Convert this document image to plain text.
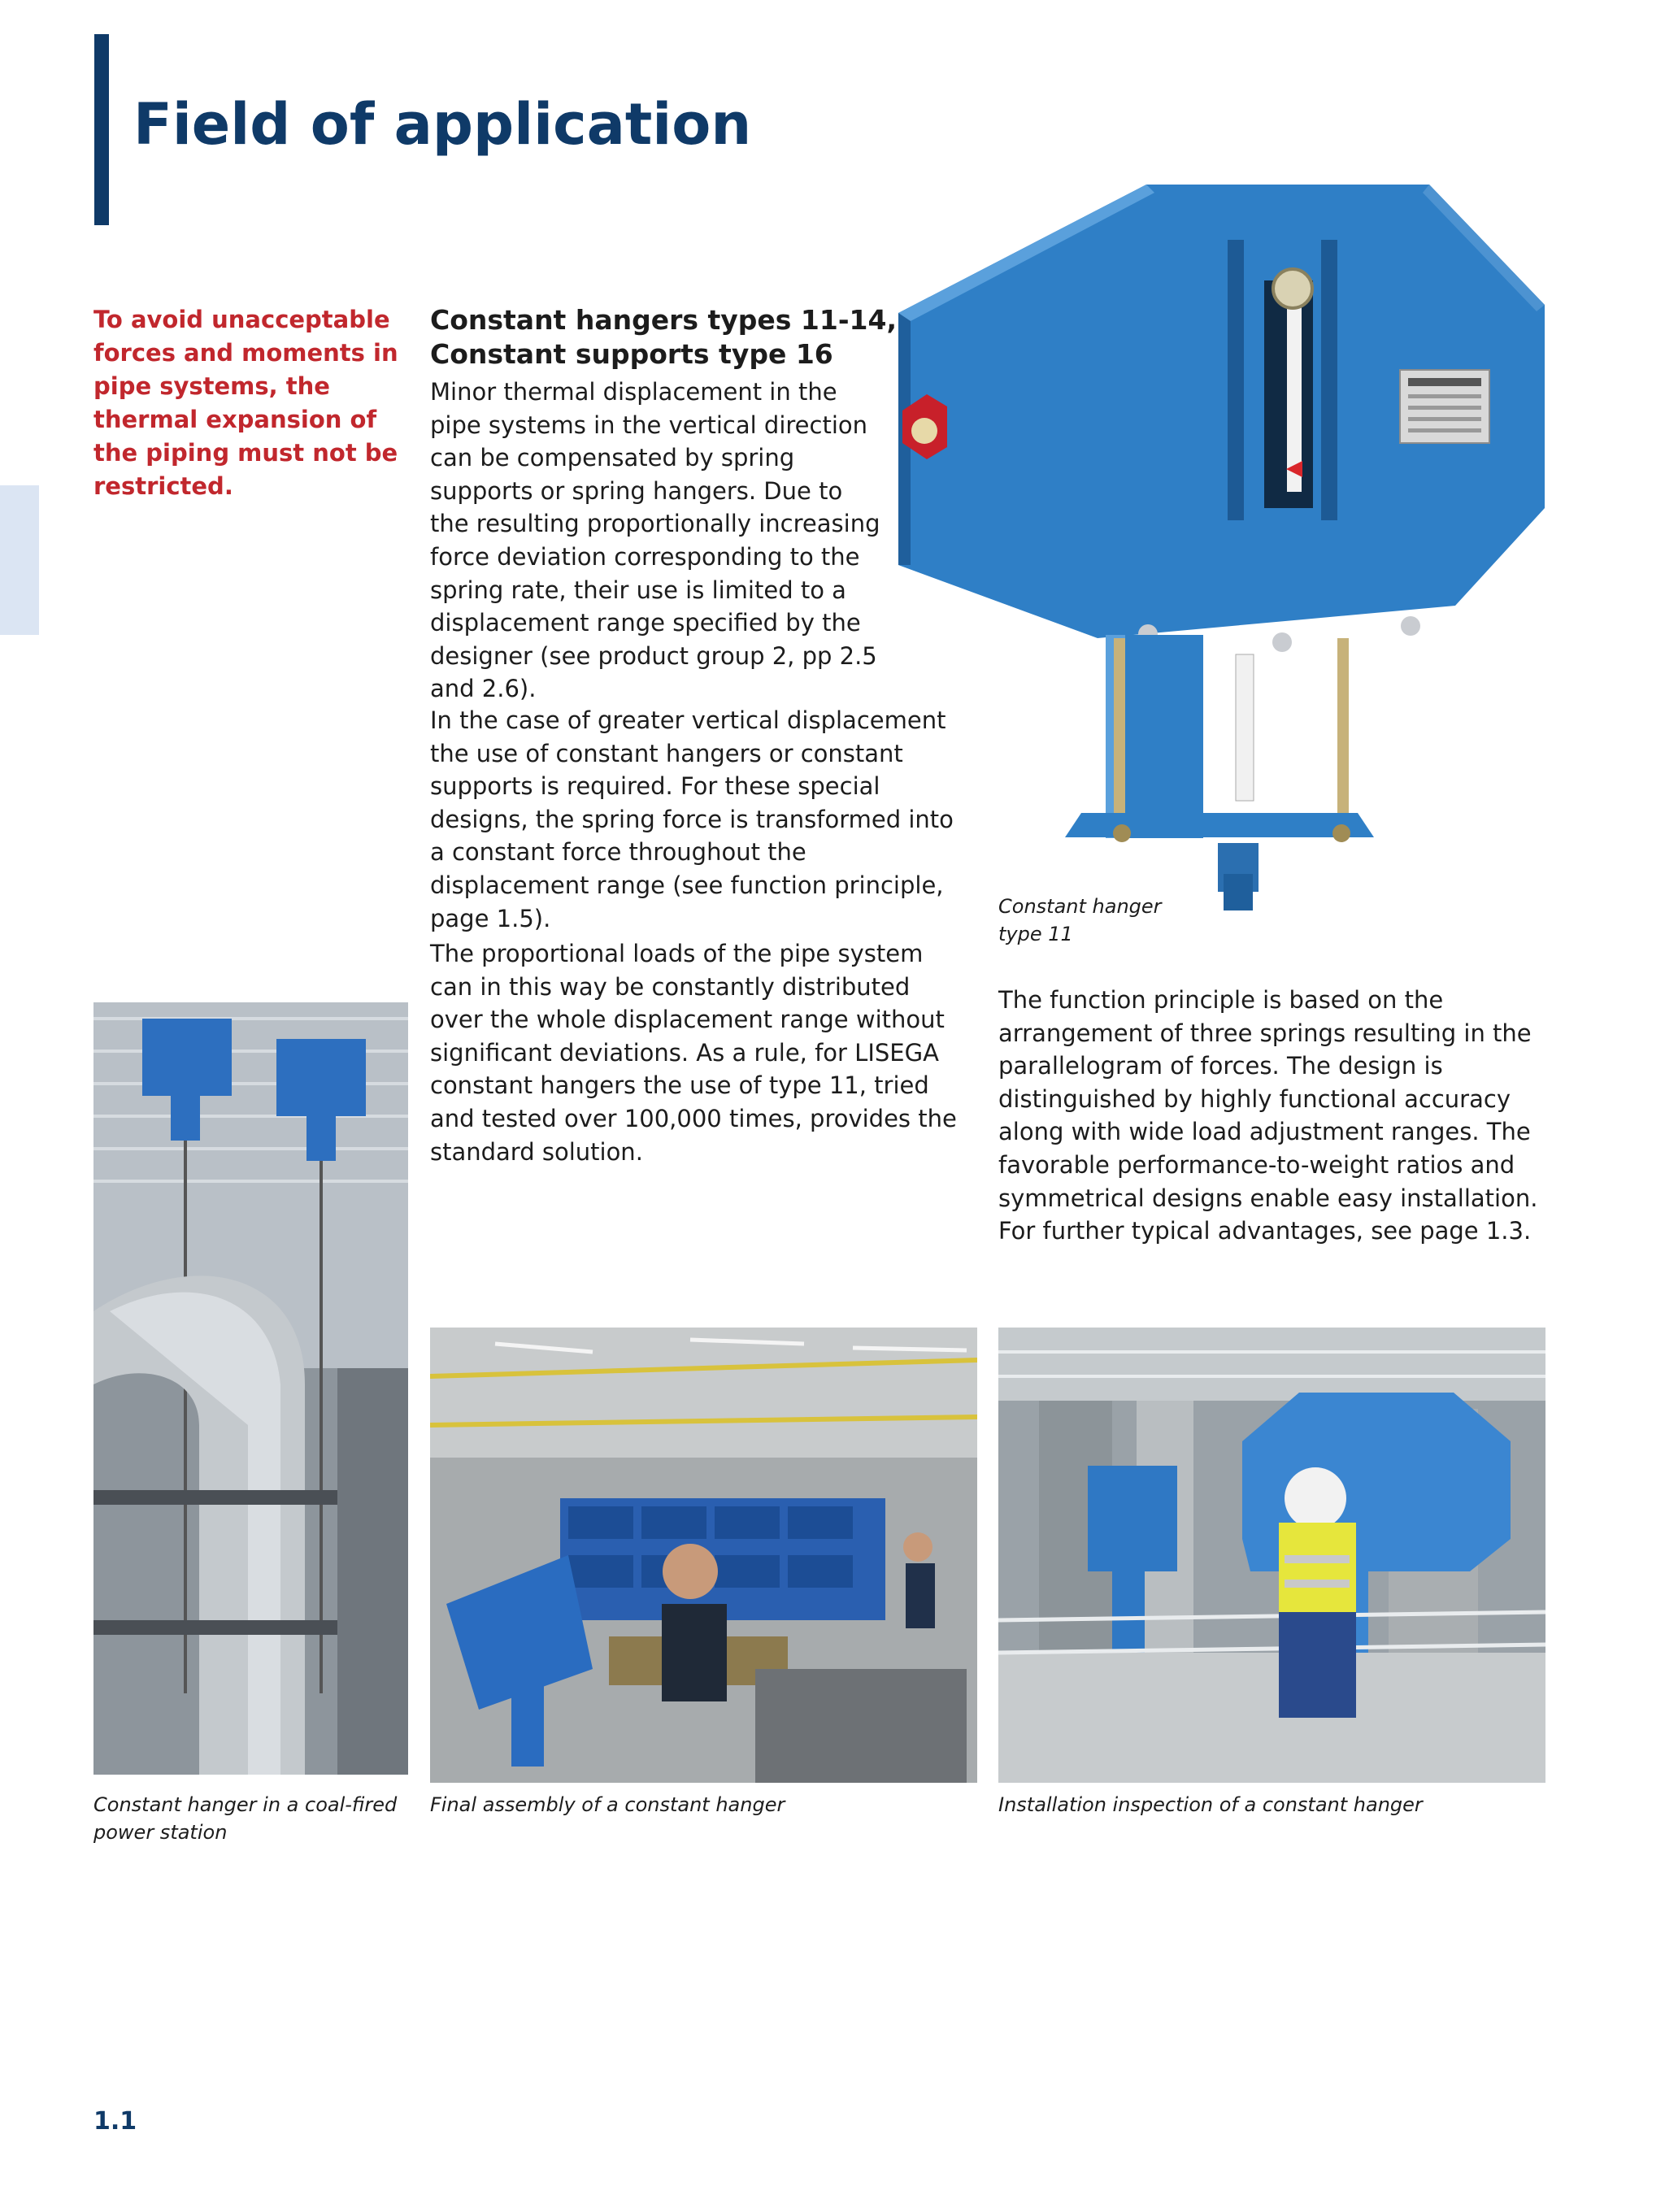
Field of application
To avoid unacceptable forces and moments in pipe systems, the thermal expansion of the piping must not be restricted.
Constant hangers types 11-14,
Constant supports type 16
Minor thermal displacement in the pipe systems in the vertical direction can be compensated by spring supports or spring hangers. Due to the resulting proportionally increasing force deviation corresponding to the spring rate, their use is limited to a displacement range specified by the designer (see product group 2, pp 2.5 and 2.6).
In the case of greater vertical displacement the use of constant hangers or constant supports is required. For these special designs, the spring force is transformed into a constant force throughout the displacement range (see function principle, page 1.5).
The proportional loads of the pipe system can in this way be constantly distributed over the whole displacement range without significant deviations. As a rule, for LISEGA constant hangers the use of type 11, tried and tested over 100,000 times, provides the standard solution.
The function principle is based on the arrangement of three springs resulting in the parallelogram of forces. The design is distinguished by highly functional accuracy along with wide load adjustment ranges. The favorable performance-to-weight ratios and symmetrical designs enable easy installation. For further typical advantages, see page 1.3.
Constant hanger
type 11
Constant hanger in a coal-fired
power station
Final assembly of a constant hanger	Installation inspection of a constant hanger
1.1
